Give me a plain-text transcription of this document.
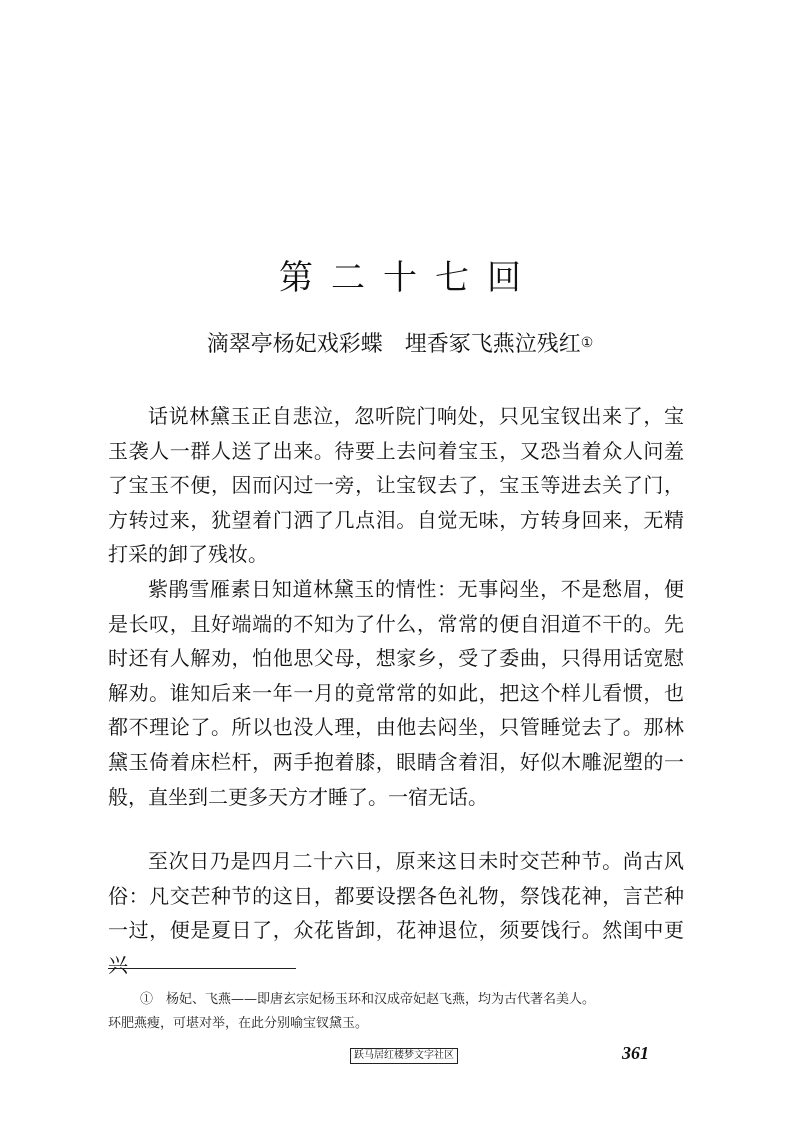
第二十七回
滴翠亭杨妃戏彩蝶　埋香冢飞燕泣残红①

话说林黛玉正自悲泣，忽听院门响处，只见宝钗出来了，宝玉袭人一群人送了出来。待要上去问着宝玉，又恐当着众人问羞了宝玉不便，因而闪过一旁，让宝钗去了，宝玉等进去关了门，方转过来，犹望着门洒了几点泪。自觉无味，方转身回来，无精打采的卸了残妆。

紫鹃雪雁素日知道林黛玉的情性：无事闷坐，不是愁眉，便是长叹，且好端端的不知为了什么，常常的便自泪道不干的。先时还有人解劝，怕他思父母，想家乡，受了委曲，只得用话宽慰解劝。谁知后来一年一月的竟常常的如此，把这个样儿看惯，也都不理论了。所以也没人理，由他去闷坐，只管睡觉去了。那林黛玉倚着床栏杆，两手抱着膝，眼睛含着泪，好似木雕泥塑的一般，直坐到二更多天方才睡了。一宿无话。

至次日乃是四月二十六日，原来这日未时交芒种节。尚古风俗：凡交芒种节的这日，都要设摆各色礼物，祭饯花神，言芒种一过，便是夏日了，众花皆卸，花神退位，须要饯行。然闺中更兴

①　杨妃、飞燕——即唐玄宗妃杨玉环和汉成帝妃赵飞燕，均为古代著名美人。
环肥燕瘦，可堪对举，在此分别喻宝钗黛玉。
跃马居红楼梦文字社区	361
